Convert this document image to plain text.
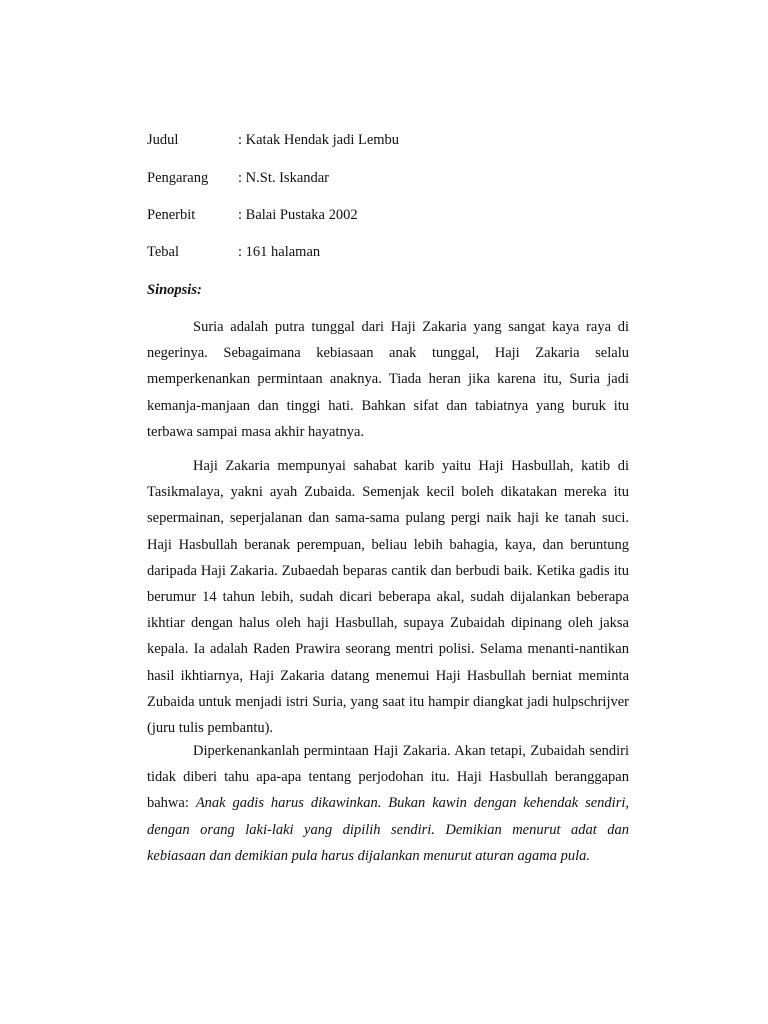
Judul	: Katak Hendak jadi Lembu
Pengarang : N.St. Iskandar
Penerbit	: Balai Pustaka 2002
Tebal	: 161 halaman
Sinopsis:

Suria adalah putra tunggal dari Haji Zakaria yang sangat kaya raya di negerinya. Sebagaimana kebiasaan anak tunggal, Haji Zakaria selalu memperkenankan permintaan anaknya. Tiada heran jika karena itu, Suria jadi kemanja-manjaan dan tinggi hati. Bahkan sifat dan tabiatnya yang buruk itu terbawa sampai masa akhir hayatnya.

Haji Zakaria mempunyai sahabat karib yaitu Haji Hasbullah, katib di Tasikmalaya, yakni ayah Zubaida. Semenjak kecil boleh dikatakan mereka itu sepermainan, seperjalanan dan sama-sama pulang pergi naik haji ke tanah suci. Haji Hasbullah beranak perempuan, beliau lebih bahagia, kaya, dan beruntung daripada Haji Zakaria. Zubaedah beparas cantik dan berbudi baik. Ketika gadis itu berumur 14 tahun lebih, sudah dicari beberapa akal, sudah dijalankan beberapa ikhtiar dengan halus oleh haji Hasbullah, supaya Zubaidah dipinang oleh jaksa kepala. Ia adalah Raden Prawira seorang mentri polisi. Selama menanti-nantikan hasil ikhtiarnya, Haji Zakaria datang menemui Haji Hasbullah berniat meminta Zubaida untuk menjadi istri Suria, yang saat itu hampir diangkat jadi hulpschrijver (juru tulis pembantu).

Diperkenankanlah permintaan Haji Zakaria. Akan tetapi, Zubaidah sendiri tidak diberi tahu apa-apa tentang perjodohan itu. Haji Hasbullah beranggapan bahwa: Anak gadis harus dikawinkan. Bukan kawin dengan kehendak sendiri, dengan orang laki-laki yang dipilih sendiri. Demikian menurut adat dan kebiasaan dan demikian pula harus dijalankan menurut aturan agama pula.
